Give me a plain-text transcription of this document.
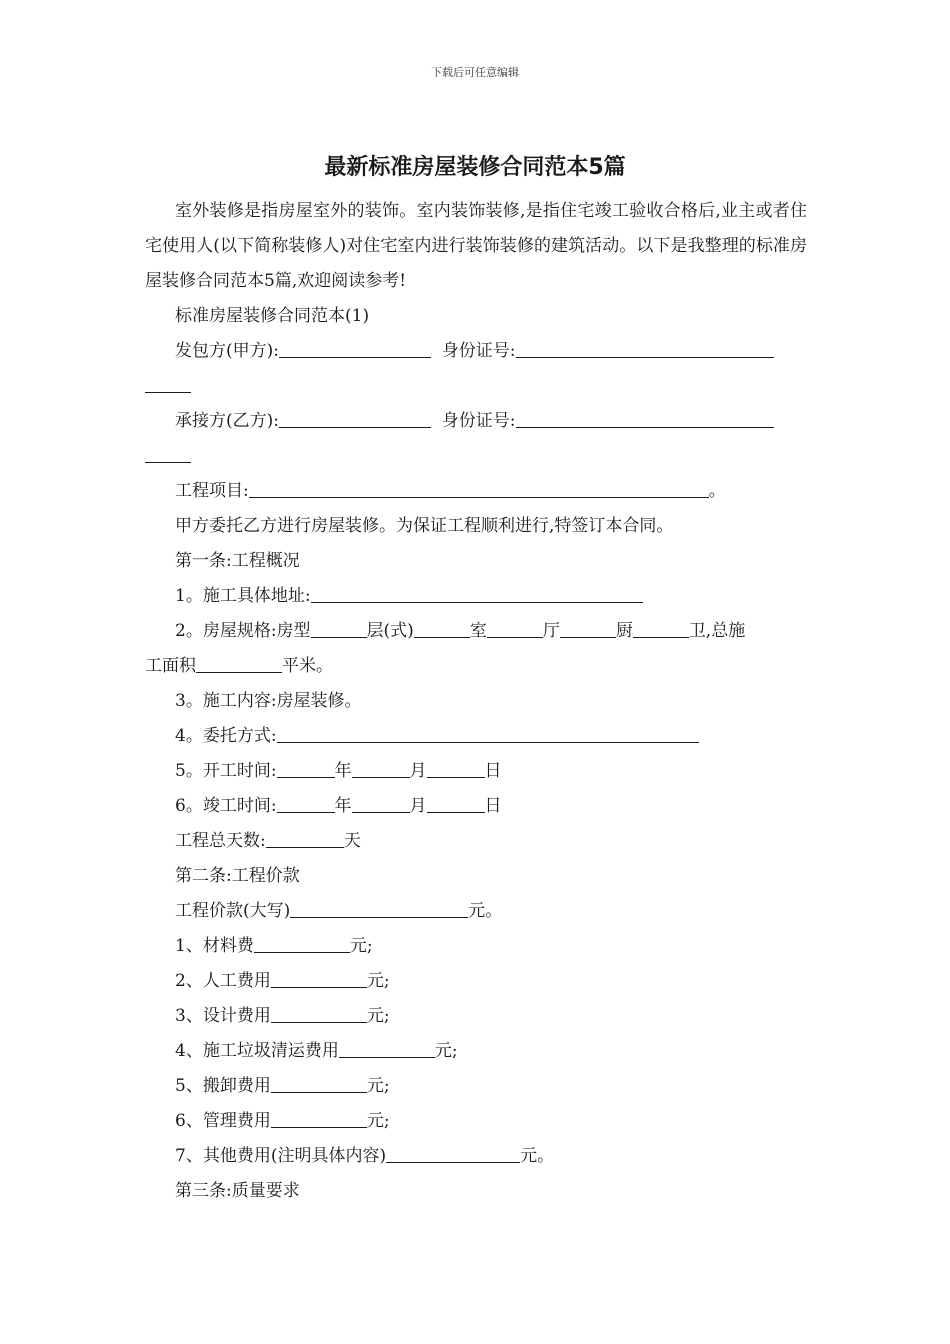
下载后可任意编辑
最新标准房屋装修合同范本5篇

室外装修是指房屋室外的装饰。室内装饰装修,是指住宅竣工验收合格后,业主或者住宅使用人(以下简称装修人)对住宅室内进行装饰装修的建筑活动。以下是我整理的标准房屋装修合同范本5篇,欢迎阅读参考!

标准房屋装修合同范本(1)

发包方(甲方):	身份证号:

承接方(乙方):	身份证号:

工程项目:	。

甲方委托乙方进行房屋装修。为保证工程顺利进行,特签订本合同。

第一条:工程概况

1。施工具体地址:

2。房屋规格:房型	层(式)	室	厅	厨	卫,总施
工面积	平米。

3。施工内容:房屋装修。

4。委托方式:

5。开工时间:	年	月	日

6。竣工时间:	年	月	日

工程总天数:	天

第二条:工程价款

工程价款(大写)	元。

1、材料费	元;

2、人工费用	元;

3、设计费用	元;

4、施工垃圾清运费用	元;

5、搬卸费用	元;

6、管理费用	元;

7、其他费用(注明具体内容)	元。

第三条:质量要求
